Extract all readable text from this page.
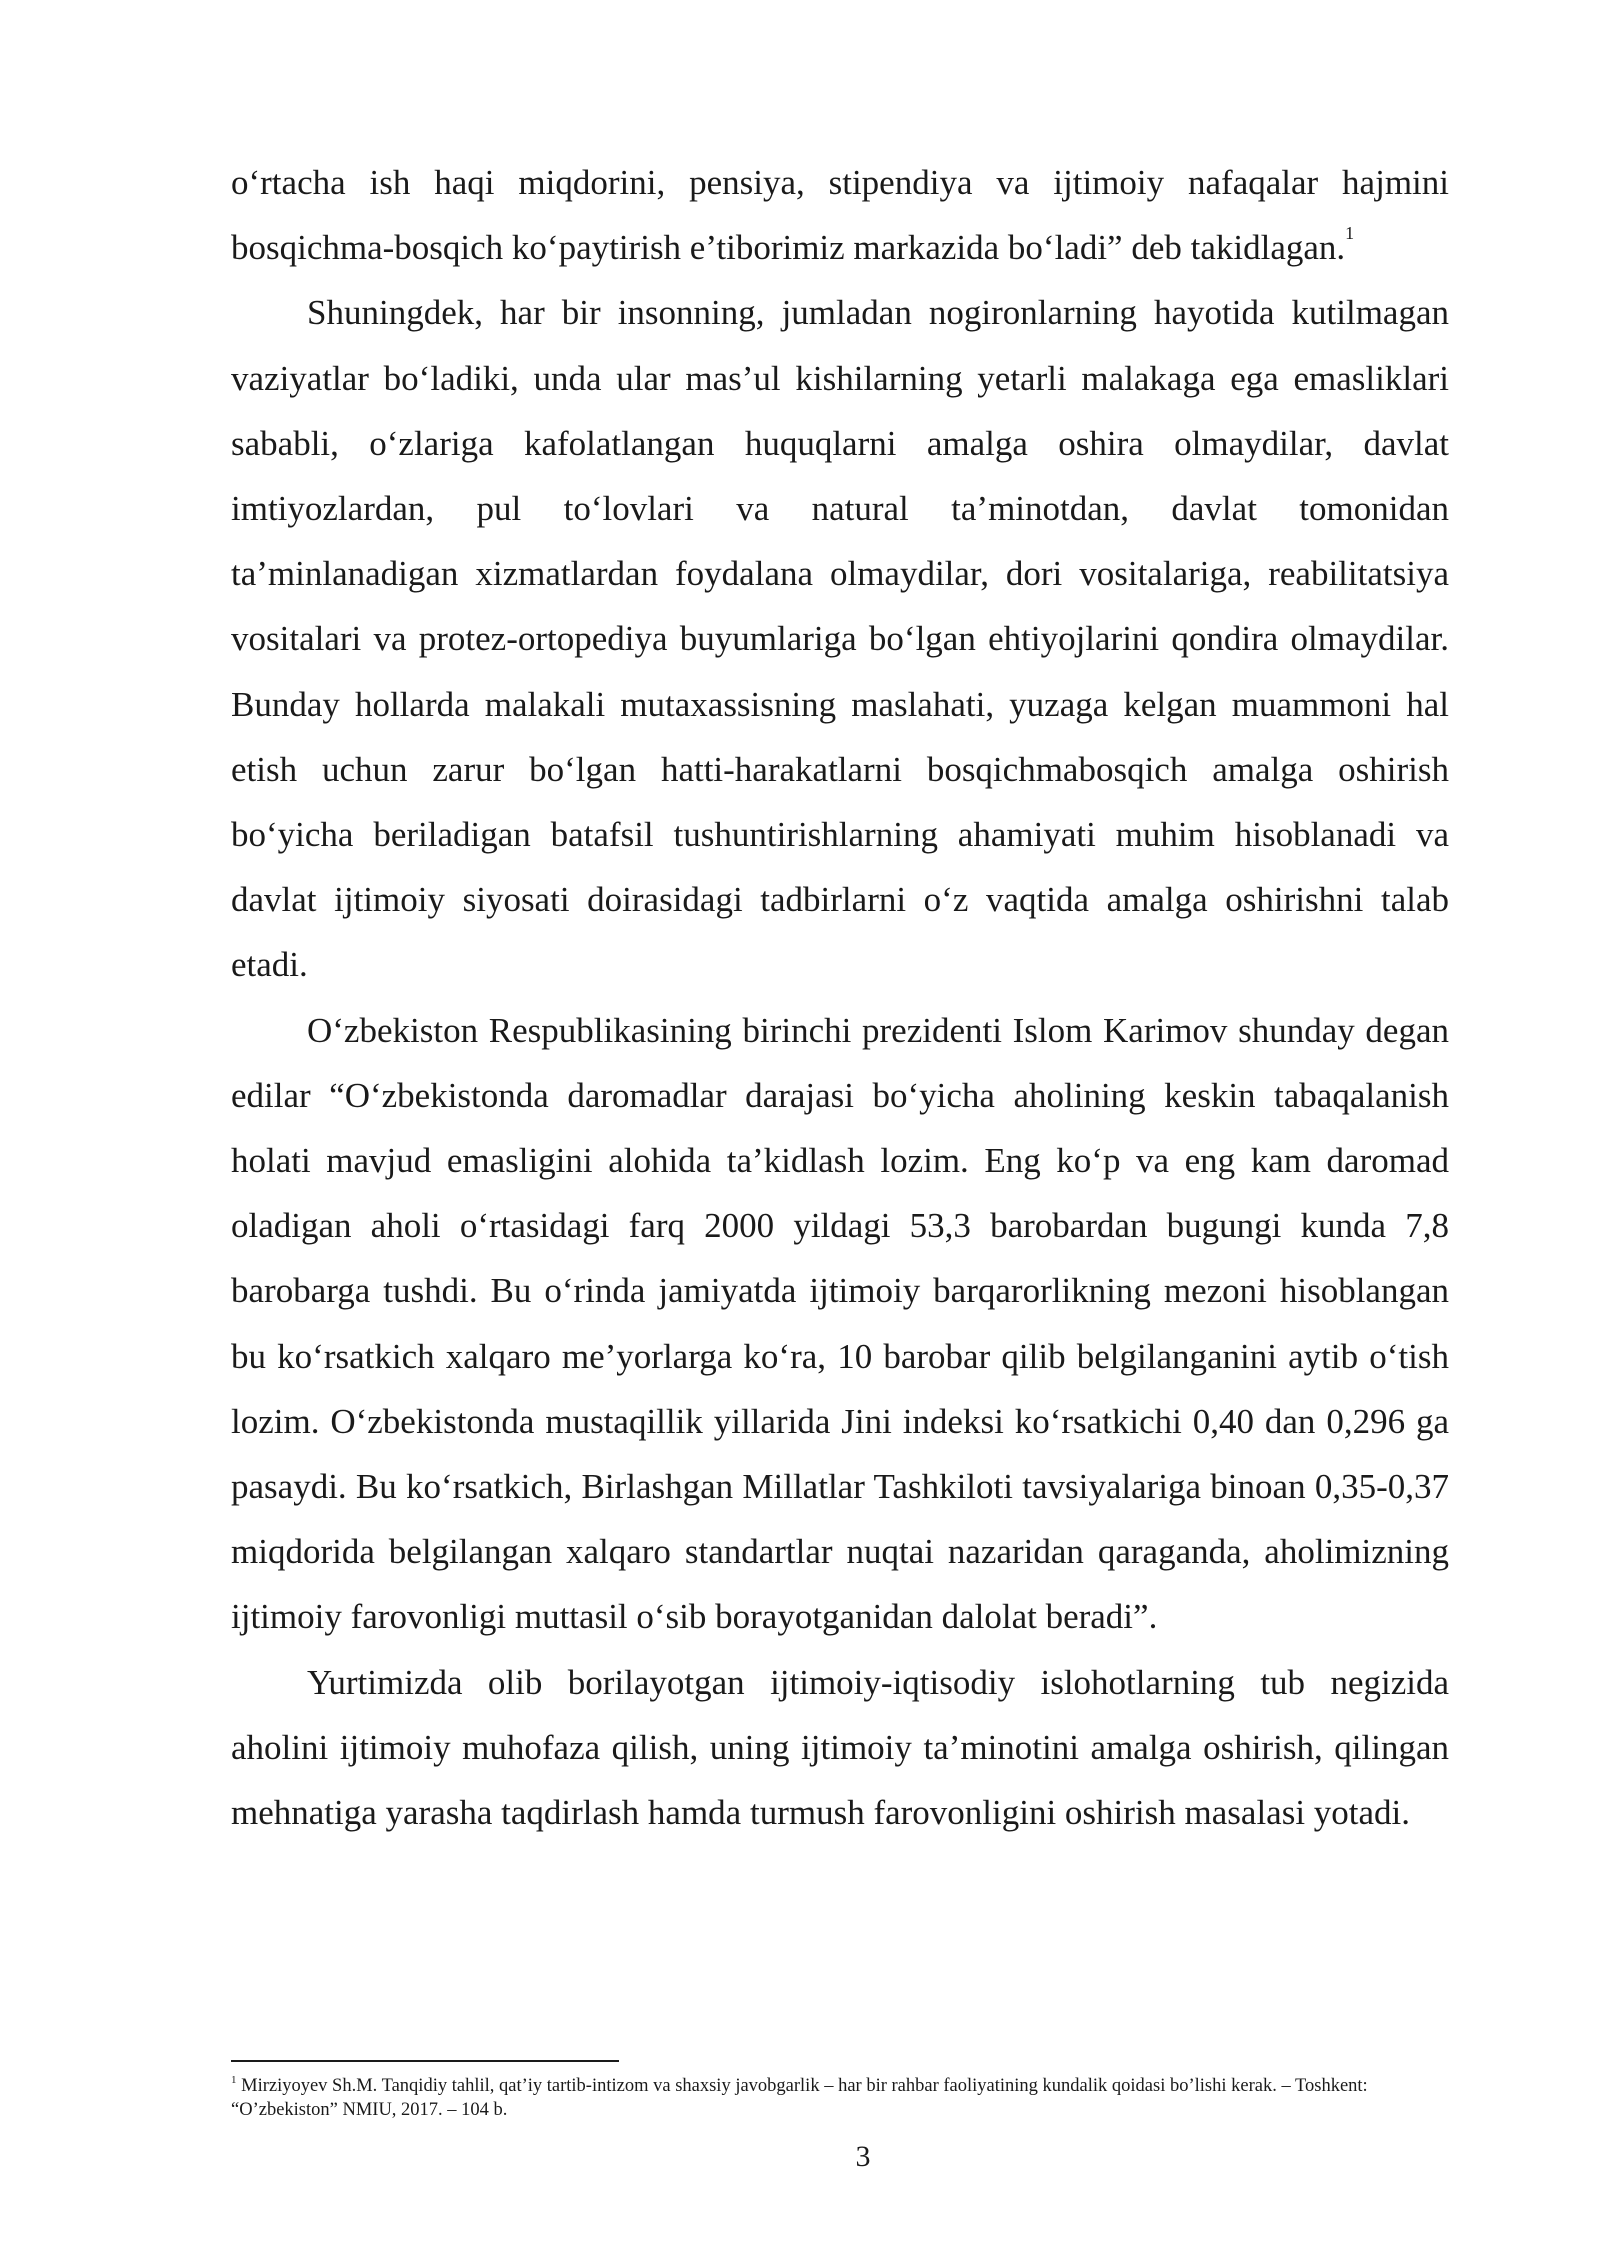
o‘rtacha ish haqi miqdorini, pensiya, stipendiya va ijtimoiy nafaqalar hajmini bosqichma-bosqich ko‘paytirish e’tiborimiz markazida bo‘ladi” deb takidlagan.$^1$

Shuningdek, har bir insonning, jumladan nogironlarning hayotida kutilmagan vaziyatlar bo‘ladiki, unda ular mas’ul kishilarning yetarli malakaga ega emasliklari sababli, o‘zlariga kafolatlangan huquqlarni amalga oshira olmaydilar, davlat imtiyozlardan, pul to‘lovlari va natural ta’minotdan, davlat tomonidan ta’minlanadigan xizmatlardan foydalana olmaydilar, dori vositalariga, reabilitatsiya vositalari va protez-ortopediya buyumlariga bo‘lgan ehtiyojlarini qondira olmaydilar. Bunday hollarda malakali mutaxassisning maslahati, yuzaga kelgan muammoni hal etish uchun zarur bo‘lgan hatti-harakatlarni bosqichmabosqich amalga oshirish bo‘yicha beriladigan batafsil tushuntirishlarning ahamiyati muhim hisoblanadi va davlat ijtimoiy siyosati doirasidagi tadbirlarni o‘z vaqtida amalga oshirishni talab etadi.

O‘zbekiston Respublikasining birinchi prezidenti Islom Karimov shunday degan edilar “O‘zbekistonda daromadlar darajasi bo‘yicha aholining keskin tabaqalanish holati mavjud emasligini alohida ta’kidlash lozim. Eng ko‘p va eng kam daromad oladigan aholi o‘rtasidagi farq 2000 yildagi 53,3 barobardan bugungi kunda 7,8 barobarga tushdi. Bu o‘rinda jamiyatda ijtimoiy barqarorlikning mezoni hisoblangan bu ko‘rsatkich xalqaro me’yorlarga ko‘ra, 10 barobar qilib belgilanganini aytib o‘tish lozim. O‘zbekistonda mustaqillik yillarida Jini indeksi ko‘rsatkichi 0,40 dan 0,296 ga pasaydi. Bu ko‘rsatkich, Birlashgan Millatlar Tashkiloti tavsiyalariga binoan 0,35-0,37 miqdorida belgilangan xalqaro standartlar nuqtai nazaridan qaraganda, aholimizning ijtimoiy farovonligi muttasil o‘sib borayotganidan dalolat beradi”.

Yurtimizda olib borilayotgan ijtimoiy-iqtisodiy islohotlarning tub negizida aholini ijtimoiy muhofaza qilish, uning ijtimoiy ta’minotini amalga oshirish, qilingan mehnatiga yarasha taqdirlash hamda turmush farovonligini oshirish masalasi yotadi.

$^1$ Mirziyoyev Sh.M. Tanqidiy tahlil, qat’iy tartib-intizom va shaxsiy javobgarlik – har bir rahbar faoliyatining kundalik qoidasi bo’lishi kerak. – Toshkent: “O’zbekiston” NMIU, 2017. – 104 b.
3
